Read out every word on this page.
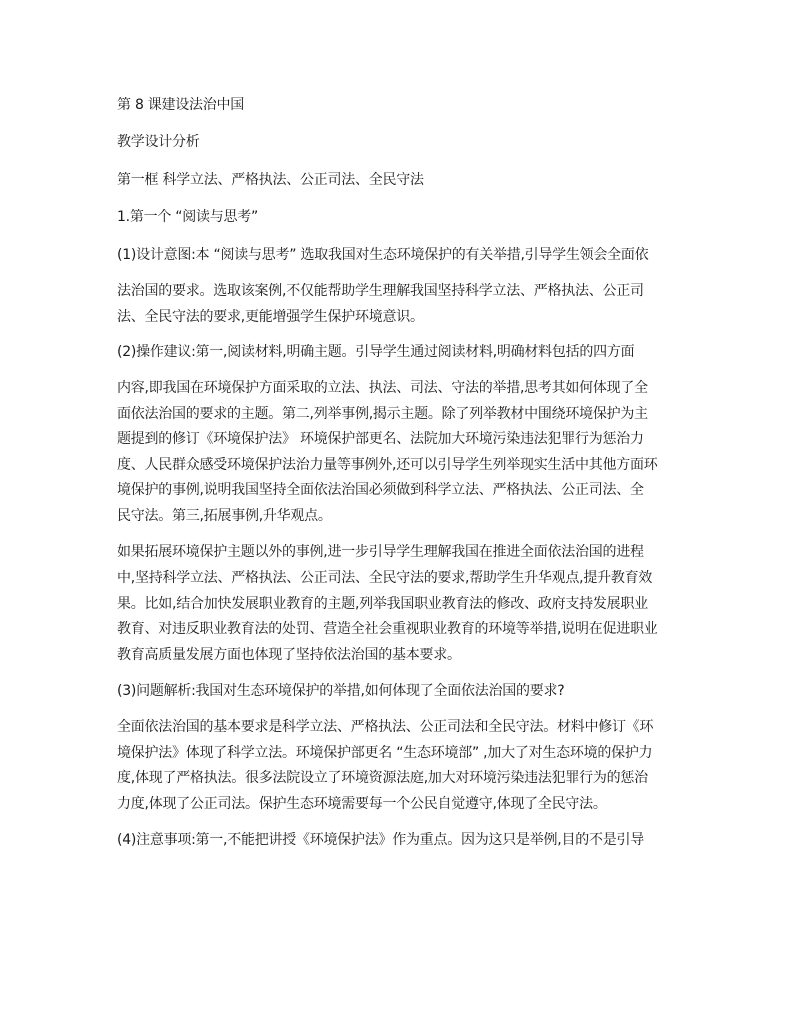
第 8 课建设法治中国
教学设计分析
第一框 科学立法、严格执法、公正司法、全民守法
1.第一个 “阅读与思考”
(1)设计意图:本 “阅读与思考” 选取我国对生态环境保护的有关举措,引导学生领会全面依
法治国的要求。选取该案例,不仅能帮助学生理解我国坚持科学立法、严格执法、公正司
法、全民守法的要求,更能增强学生保护环境意识。
(2)操作建议:第一,阅读材料,明确主题。引导学生通过阅读材料,明确材料包括的四方面
内容,即我国在环境保护方面采取的立法、执法、司法、守法的举措,思考其如何体现了全
面依法治国的要求的主题。第二,列举事例,揭示主题。除了列举教材中围绕环境保护为主
题提到的修订《环境保护法》 环境保护部更名、法院加大环境污染违法犯罪行为惩治力
度、人民群众感受环境保护法治力量等事例外,还可以引导学生列举现实生活中其他方面环
境保护的事例,说明我国坚持全面依法治国必须做到科学立法、严格执法、公正司法、全
民守法。第三,拓展事例,升华观点。
如果拓展环境保护主题以外的事例,进一步引导学生理解我国在推进全面依法治国的进程
中,坚持科学立法、严格执法、公正司法、全民守法的要求,帮助学生升华观点,提升教育效
果。比如,结合加快发展职业教育的主题,列举我国职业教育法的修改、政府支持发展职业
教育、对违反职业教育法的处罚、营造全社会重视职业教育的环境等举措,说明在促进职业
教育高质量发展方面也体现了坚持依法治国的基本要求。
(3)问题解析:我国对生态环境保护的举措,如何体现了全面依法治国的要求?
全面依法治国的基本要求是科学立法、严格执法、公正司法和全民守法。材料中修订《环
境保护法》体现了科学立法。环境保护部更名 “生态环境部” ,加大了对生态环境的保护力
度,体现了严格执法。很多法院设立了环境资源法庭,加大对环境污染违法犯罪行为的惩治
力度,体现了公正司法。保护生态环境需要每一个公民自觉遵守,体现了全民守法。
(4)注意事项:第一,不能把讲授《环境保护法》作为重点。因为这只是举例,目的不是引导
